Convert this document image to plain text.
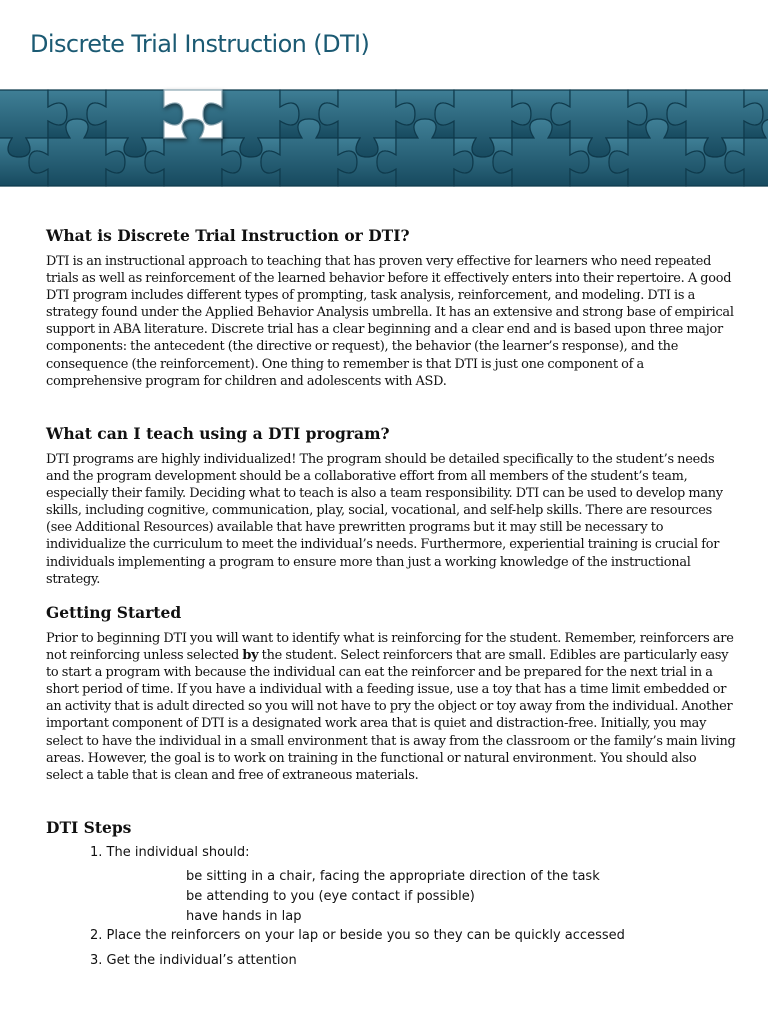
Discrete Trial Instruction (DTI)
What is Discrete Trial Instruction or DTI?

DTI is an instructional approach to teaching that has proven very effective for learners who need repeated trials as well as reinforcement of the learned behavior before it effectively enters into their repertoire. A good DTI program includes different types of prompting, task analysis, reinforcement, and modeling. DTI is a strategy found under the Applied Behavior Analysis umbrella. It has an extensive and strong base of empirical support in ABA literature. Discrete trial has a clear beginning and a clear end and is based upon three major components: the antecedent (the directive or request), the behavior (the learner’s response), and the consequence (the reinforcement). One thing to remember is that DTI is just one component of a comprehensive program for children and adolescents with ASD.

What can I teach using a DTI program?

DTI programs are highly individualized! The program should be detailed specifically to the student’s needs and the program development should be a collaborative effort from all members of the student’s team, especially their family. Deciding what to teach is also a team responsibility. DTI can be used to develop many skills, including cognitive, communication, play, social, vocational, and self-help skills. There are resources (see Additional Resources) available that have prewritten programs but it may still be necessary to individualize the curriculum to meet the individual’s needs. Furthermore, experiential training is crucial for individuals implementing a program to ensure more than just a working knowledge of the instructional strategy.

Getting Started

Prior to beginning DTI you will want to identify what is reinforcing for the student. Remember, reinforcers are not reinforcing unless selected by the student. Select reinforcers that are small. Edibles are particularly easy to start a program with because the individual can eat the reinforcer and be prepared for the next trial in a short period of time. If you have a individual with a feeding issue, use a toy that has a time limit embedded or an activity that is adult directed so you will not have to pry the object or toy away from the individual. Another important component of DTI is a designated work area that is quiet and distraction-free. Initially, you may select to have the individual in a small environment that is away from the classroom or the family’s main living areas. However, the goal is to work on training in the functional or natural environment. You should also select a table that is clean and free of extraneous materials.

DTI Steps
1. The individual should:
be sitting in a chair, facing the appropriate direction of the task
be attending to you (eye contact if possible)
have hands in lap
2. Place the reinforcers on your lap or beside you so they can be quickly accessed
3. Get the individual’s attention
